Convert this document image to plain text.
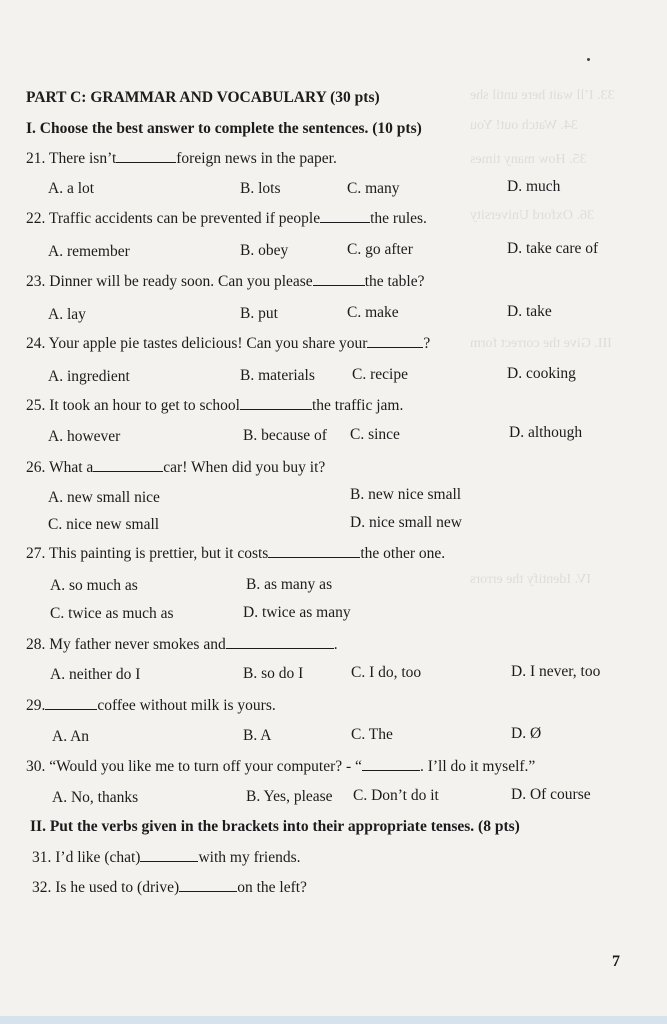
33. I’ll wait here until she
34. Watch out! You
35. How many times
36. Oxford University
III. Give the correct form
IV. Identify the errors
PART C: GRAMMAR AND VOCABULARY (30 pts)
I. Choose the best answer to complete the sentences. (10 pts)
21. There isn’t	foreign news in the paper.
A. a lot	B. lots	C. many	D. much
22. Traffic accidents can be prevented if people	the rules.
A. remember	B. obey	C. go after	D. take care of
23. Dinner will be ready soon. Can you please	the table?
A. lay	B. put	C. make	D. take
24. Your apple pie tastes delicious! Can you share your	?
A. ingredient	B. materials C. recipe	D. cooking
25. It took an hour to get to school	the traffic jam.
A. however	B. because of C. since	D. although
26. What a	car! When did you buy it?
A. new small nice	B. new nice small
C. nice new small	D. nice small new
27. This painting is prettier, but it costs	the other one.
A. so much as	B. as many as
C. twice as much as	D. twice as many
28. My father never smokes and	.
A. neither do I	B. so do I	C. I do, too	D. I never, too
29.	coffee without milk is yours.
A. An	B. A	C. The	D. Ø
30. “Would you like me to turn off your computer? - “	. I’ll do it myself.”
A. No, thanks	B. Yes, please C. Don’t do it	D. Of course
II. Put the verbs given in the brackets into their appropriate tenses. (8 pts)
31. I’d like (chat)	with my friends.
32. Is he used to (drive)	on the left?
7
